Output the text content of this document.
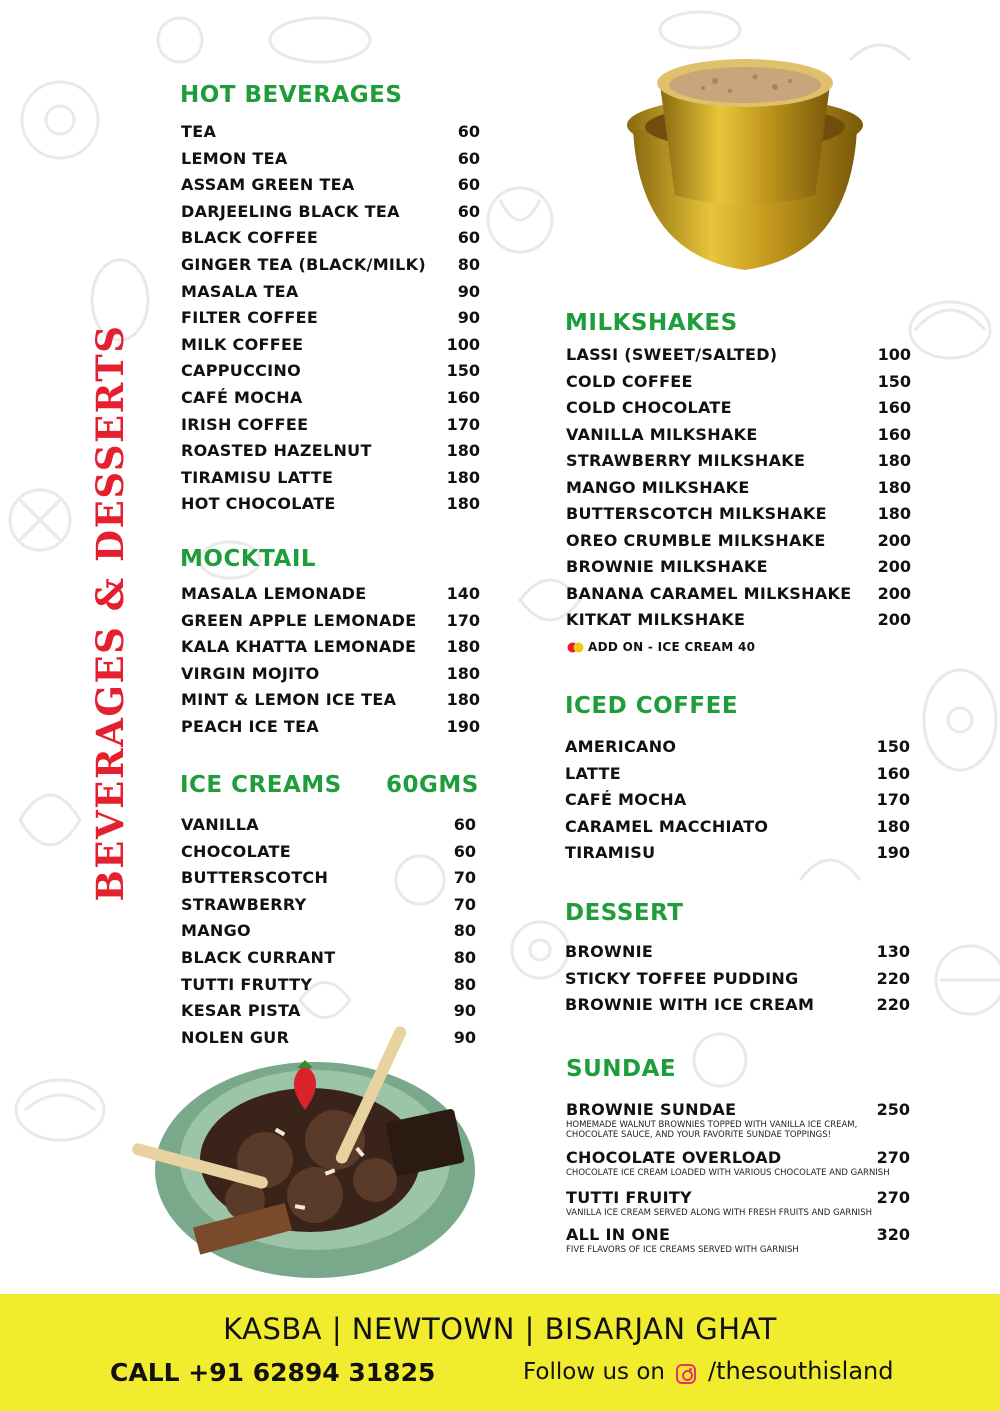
BEVERAGES & DESSERTS
HOT BEVERAGES
TEA	60
LEMON TEA	60
ASSAM GREEN TEA	60
DARJEELING BLACK TEA	60
BLACK COFFEE	60
GINGER TEA (BLACK/MILK)	80
MASALA TEA	90
FILTER COFFEE	90
MILK COFFEE	100
CAPPUCCINO	150
CAFÉ MOCHA	160
IRISH COFFEE	170
ROASTED HAZELNUT	180
TIRAMISU LATTE	180
HOT CHOCOLATE	180
MOCKTAIL
MASALA LEMONADE	140
GREEN APPLE LEMONADE	170
KALA KHATTA LEMONADE	180
VIRGIN MOJITO	180
MINT & LEMON ICE TEA	180
PEACH ICE TEA	190
ICE CREAMS 60GMS
VANILLA	60
CHOCOLATE	60
BUTTERSCOTCH	70
STRAWBERRY	70
MANGO	80
BLACK CURRANT	80
TUTTI FRUTTY	80
KESAR PISTA	90
NOLEN GUR	90
MILKSHAKES
LASSI (SWEET/SALTED)	100
COLD COFFEE	150
COLD CHOCOLATE	160
VANILLA MILKSHAKE	160
STRAWBERRY MILKSHAKE	180
MANGO MILKSHAKE	180
BUTTERSCOTCH MILKSHAKE	180
OREO CRUMBLE MILKSHAKE	200
BROWNIE MILKSHAKE	200
BANANA CARAMEL MILKSHAKE	200
KITKAT MILKSHAKE	200
ADD ON - ICE CREAM 40
ICED COFFEE
AMERICANO	150
LATTE	160
CAFÉ MOCHA	170
CARAMEL MACCHIATO	180
TIRAMISU	190
DESSERT
BROWNIE	130
STICKY TOFFEE PUDDING	220
BROWNIE WITH ICE CREAM	220
SUNDAE
BROWNIE SUNDAE	250
HOMEMADE WALNUT BROWNIES TOPPED WITH VANILLA ICE CREAM, CHOCOLATE SAUCE, AND YOUR FAVORITE SUNDAE TOPPINGS!
CHOCOLATE OVERLOAD	270
CHOCOLATE ICE CREAM LOADED WITH VARIOUS CHOCOLATE AND GARNISH
TUTTI FRUITY	270
VANILLA ICE CREAM SERVED ALONG WITH FRESH FRUITS AND GARNISH
ALL IN ONE	320
FIVE FLAVORS OF ICE CREAMS SERVED WITH GARNISH
KASBA | NEWTOWN | BISARJAN GHAT
CALL +91 62894 31825	Follow us on /thesouthisland
